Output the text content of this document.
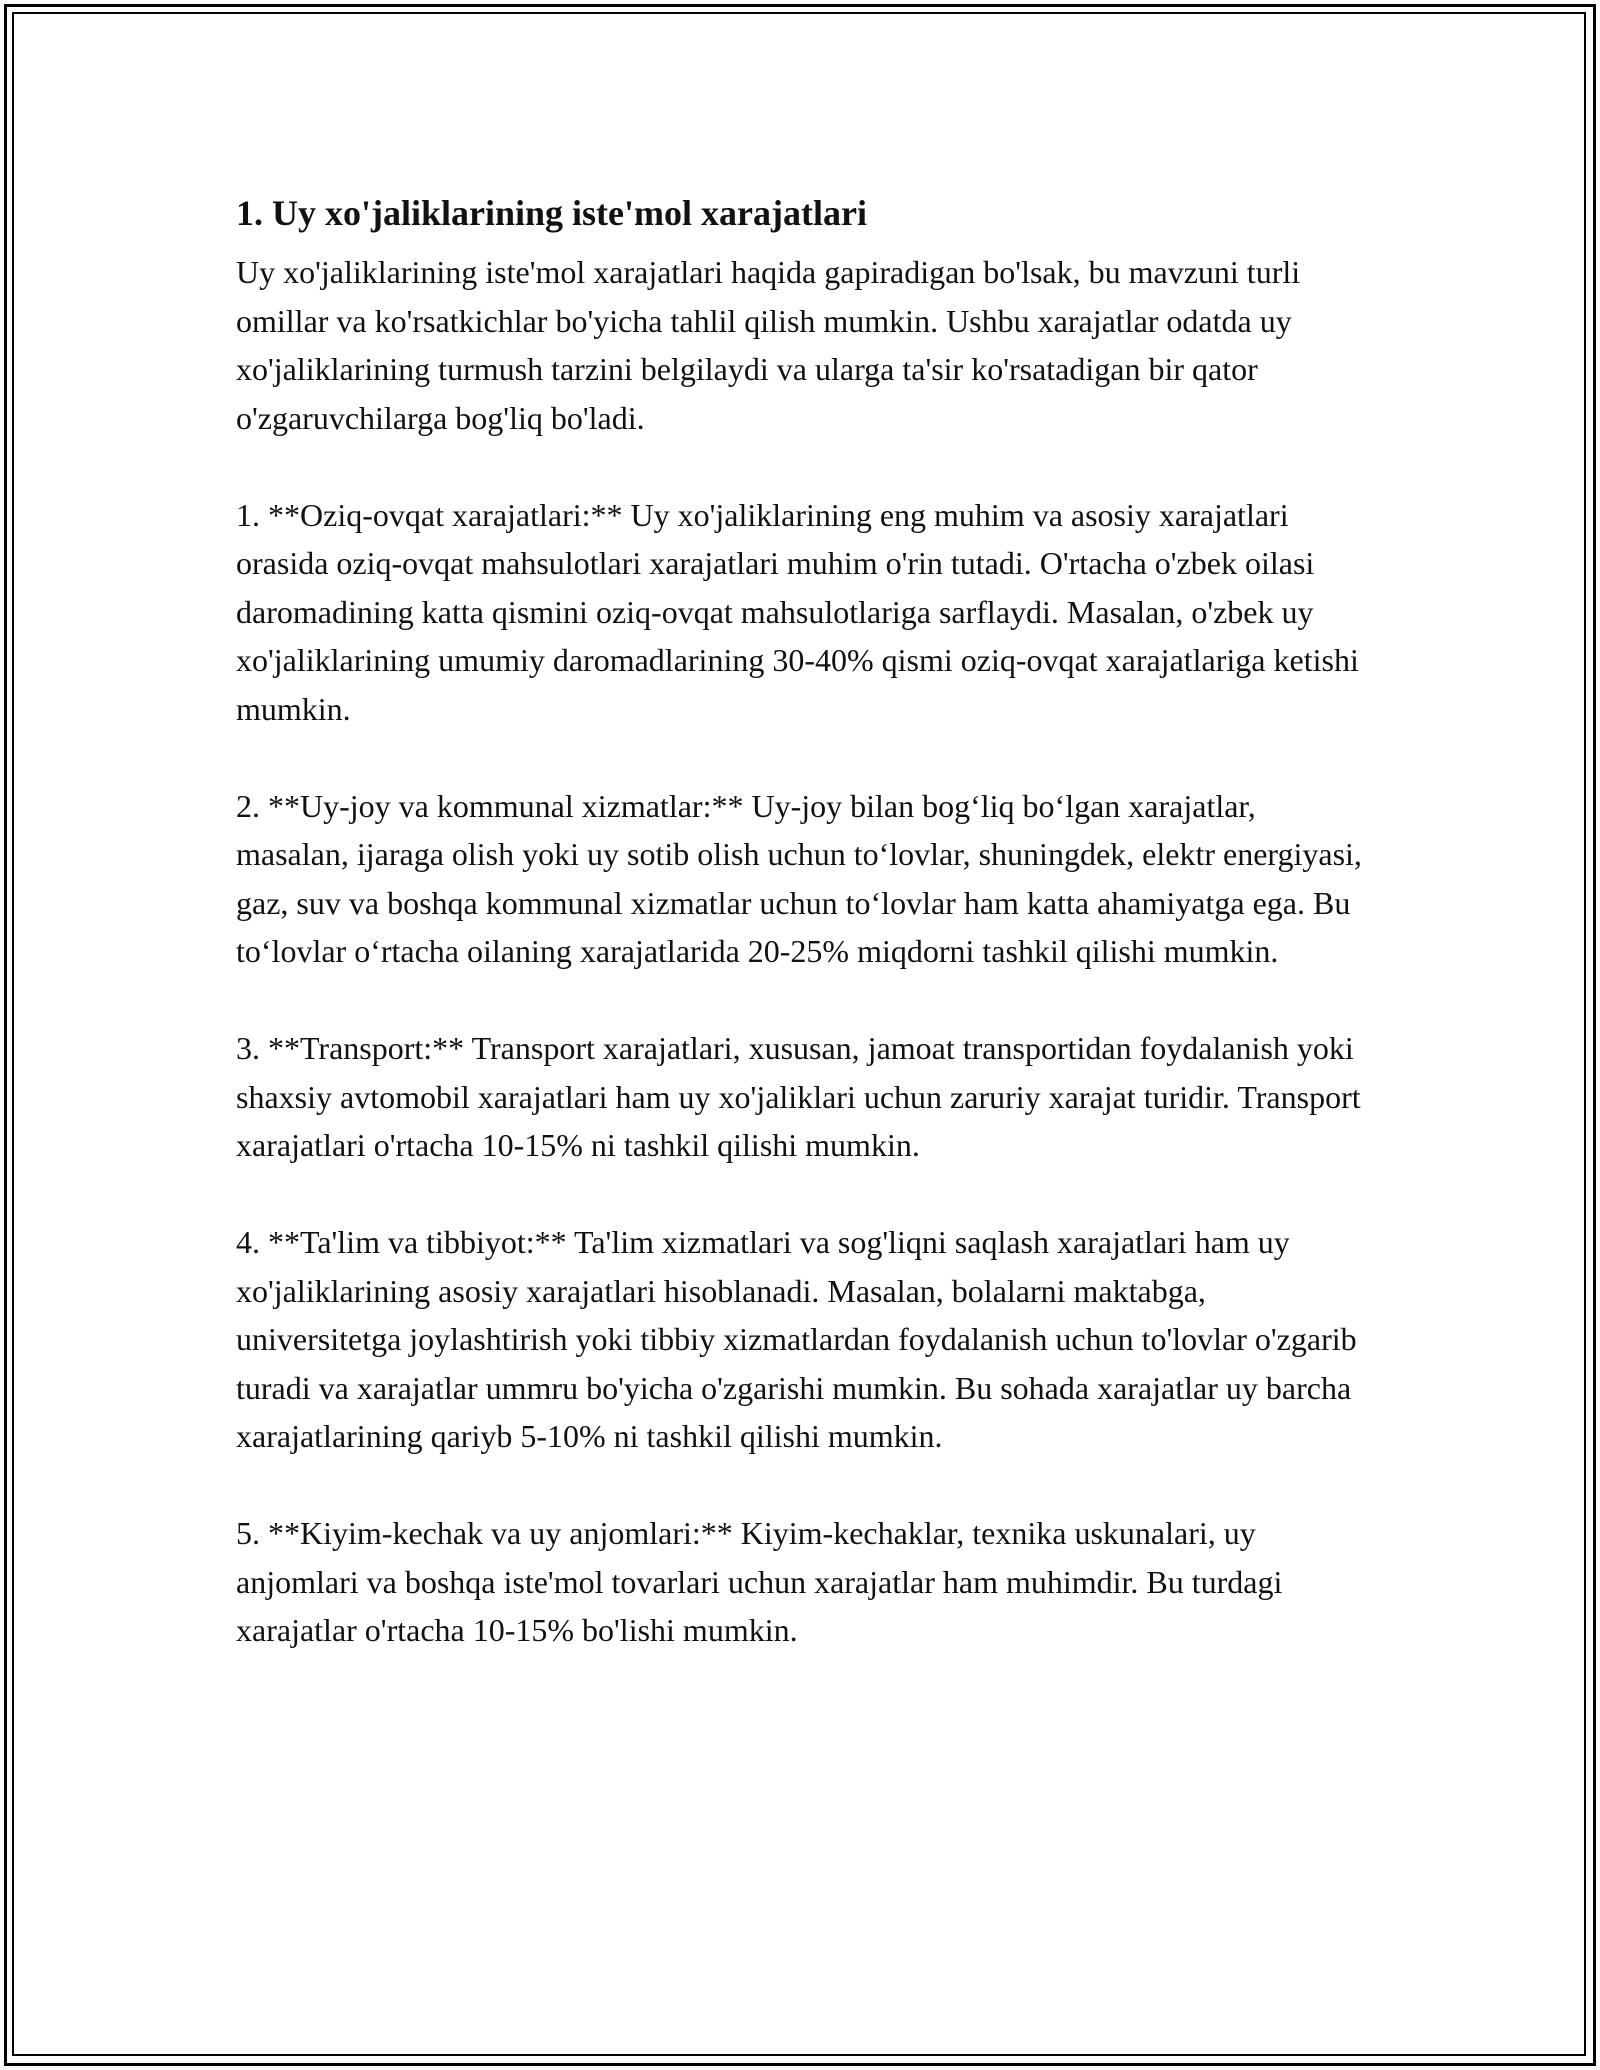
1. Uy xo'jaliklarining iste'mol xarajatlari

Uy xo'jaliklarining iste'mol xarajatlari haqida gapiradigan bo'lsak, bu mavzuni turli omillar va ko'rsatkichlar bo'yicha tahlil qilish mumkin. Ushbu xarajatlar odatda uy xo'jaliklarining turmush tarzini belgilaydi va ularga ta'sir ko'rsatadigan bir qator o'zgaruvchilarga bog'liq bo'ladi.

1. **Oziq-ovqat xarajatlari:** Uy xo'jaliklarining eng muhim va asosiy xarajatlari orasida oziq-ovqat mahsulotlari xarajatlari muhim o'rin tutadi. O'rtacha o'zbek oilasi daromadining katta qismini oziq-ovqat mahsulotlariga sarflaydi. Masalan, o'zbek uy xo'jaliklarining umumiy daromadlarining 30-40% qismi oziq-ovqat xarajatlariga ketishi mumkin.

2. **Uy-joy va kommunal xizmatlar:** Uy-joy bilan bog‘liq bo‘lgan xarajatlar, masalan, ijaraga olish yoki uy sotib olish uchun to‘lovlar, shuningdek, elektr energiyasi, gaz, suv va boshqa kommunal xizmatlar uchun to‘lovlar ham katta ahamiyatga ega. Bu to‘lovlar o‘rtacha oilaning xarajatlarida 20-25% miqdorni tashkil qilishi mumkin.

3. **Transport:** Transport xarajatlari, xususan, jamoat transportidan foydalanish yoki shaxsiy avtomobil xarajatlari ham uy xo'jaliklari uchun zaruriy xarajat turidir. Transport xarajatlari o'rtacha 10-15% ni tashkil qilishi mumkin.

4. **Ta'lim va tibbiyot:** Ta'lim xizmatlari va sog'liqni saqlash xarajatlari ham uy xo'jaliklarining asosiy xarajatlari hisoblanadi. Masalan, bolalarni maktabga, universitetga joylashtirish yoki tibbiy xizmatlardan foydalanish uchun to'lovlar o'zgarib turadi va xarajatlar ummru bo'yicha o'zgarishi mumkin. Bu sohada xarajatlar uy barcha xarajatlarining qariyb 5-10% ni tashkil qilishi mumkin.

5. **Kiyim-kechak va uy anjomlari:** Kiyim-kechaklar, texnika uskunalari, uy anjomlari va boshqa iste'mol tovarlari uchun xarajatlar ham muhimdir. Bu turdagi xarajatlar o'rtacha 10-15% bo'lishi mumkin.
